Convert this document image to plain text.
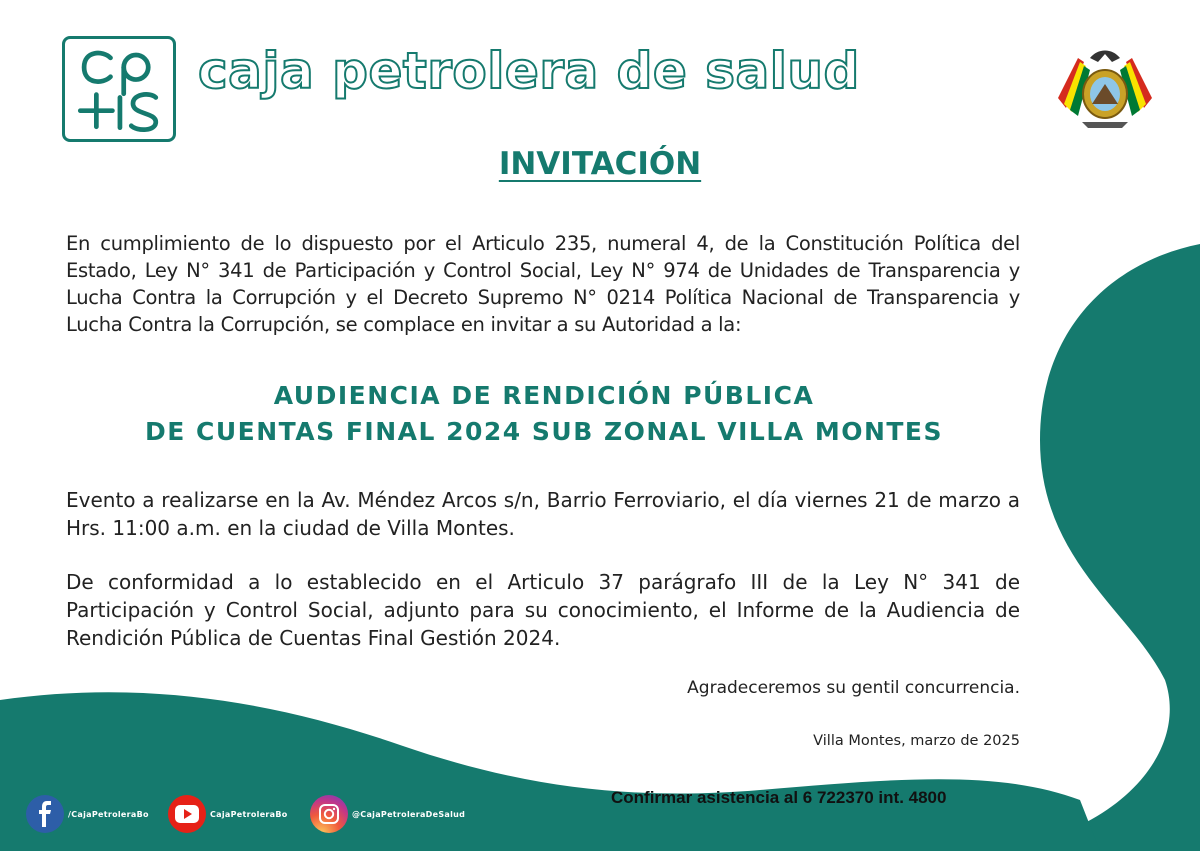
caja petrolera de salud
INVITACIÓN
En cumplimiento de lo dispuesto por el Articulo 235, numeral 4, de la Constitución Política del Estado, Ley N° 341 de Participación y Control Social, Ley N° 974 de Unidades de Transparencia y Lucha Contra la Corrupción y el Decreto Supremo N° 0214 Política Nacional de Transparencia y Lucha Contra la Corrupción, se complace en invitar a su Autoridad a la:
AUDIENCIA DE RENDICIÓN PÚBLICA
DE CUENTAS FINAL 2024 SUB ZONAL VILLA MONTES
Evento a realizarse en la Av. Méndez Arcos s/n, Barrio Ferroviario, el día viernes 21 de marzo a Hrs. 11:00 a.m. en la ciudad de Villa Montes.
De conformidad a lo establecido en el Articulo 37 parágrafo III de la Ley N° 341 de Participación y Control Social, adjunto para su conocimiento, el Informe de la Audiencia de Rendición Pública de Cuentas Final Gestión 2024.
Agradeceremos su gentil concurrencia.
Villa Montes, marzo de 2025
Confirmar asistencia al 6 722370 int. 4800
/CajaPetroleraBo	CajaPetroleraBo	@CajaPetroleraDeSalud
